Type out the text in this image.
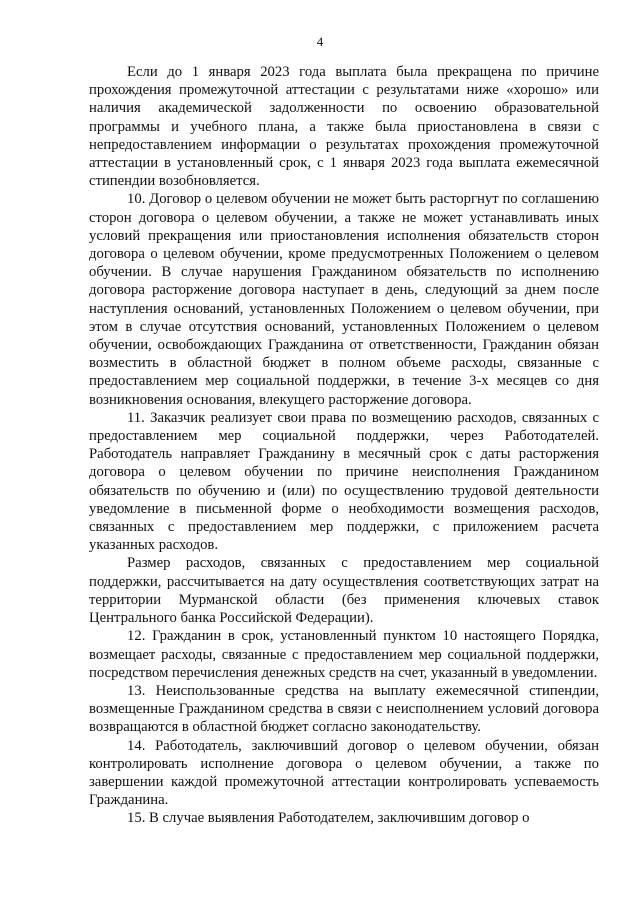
4

Если до 1 января 2023 года выплата была прекращена по причине прохождения промежуточной аттестации с результатами ниже «хорошо» или наличия академической задолженности по освоению образовательной программы и учебного плана, а также была приостановлена в связи с непредоставлением информации о результатах прохождения промежуточной аттестации в установленный срок, с 1 января 2023 года выплата ежемесячной стипендии возобновляется.

10. Договор о целевом обучении не может быть расторгнут по соглашению сторон договора о целевом обучении, а также не может устанавливать иных условий прекращения или приостановления исполнения обязательств сторон договора о целевом обучении, кроме предусмотренных Положением о целевом обучении. В случае нарушения Гражданином обязательств по исполнению договора расторжение договора наступает в день, следующий за днем после наступления оснований, установленных Положением о целевом обучении, при этом в случае отсутствия оснований, установленных Положением о целевом обучении, освобождающих Гражданина от ответственности, Гражданин обязан возместить в областной бюджет в полном объеме расходы, связанные с предоставлением мер социальной поддержки, в течение 3-х месяцев со дня возникновения основания, влекущего расторжение договора.

11. Заказчик реализует свои права по возмещению расходов, связанных с предоставлением мер социальной поддержки, через Работодателей. Работодатель направляет Гражданину в месячный срок с даты расторжения договора о целевом обучении по причине неисполнения Гражданином обязательств по обучению и (или) по осуществлению трудовой деятельности уведомление в письменной форме о необходимости возмещения расходов, связанных с предоставлением мер поддержки, с приложением расчета указанных расходов.

Размер расходов, связанных с предоставлением мер социальной поддержки, рассчитывается на дату осуществления соответствующих затрат на территории Мурманской области (без применения ключевых ставок Центрального банка Российской Федерации).

12. Гражданин в срок, установленный пунктом 10 настоящего Порядка, возмещает расходы, связанные с предоставлением мер социальной поддержки, посредством перечисления денежных средств на счет, указанный в уведомлении.

13. Неиспользованные средства на выплату ежемесячной стипендии, возмещенные Гражданином средства в связи с неисполнением условий договора возвращаются в областной бюджет согласно законодательству.

14. Работодатель, заключивший договор о целевом обучении, обязан контролировать исполнение договора о целевом обучении, а также по завершении каждой промежуточной аттестации контролировать успеваемость Гражданина.

15. В случае выявления Работодателем, заключившим договор о
